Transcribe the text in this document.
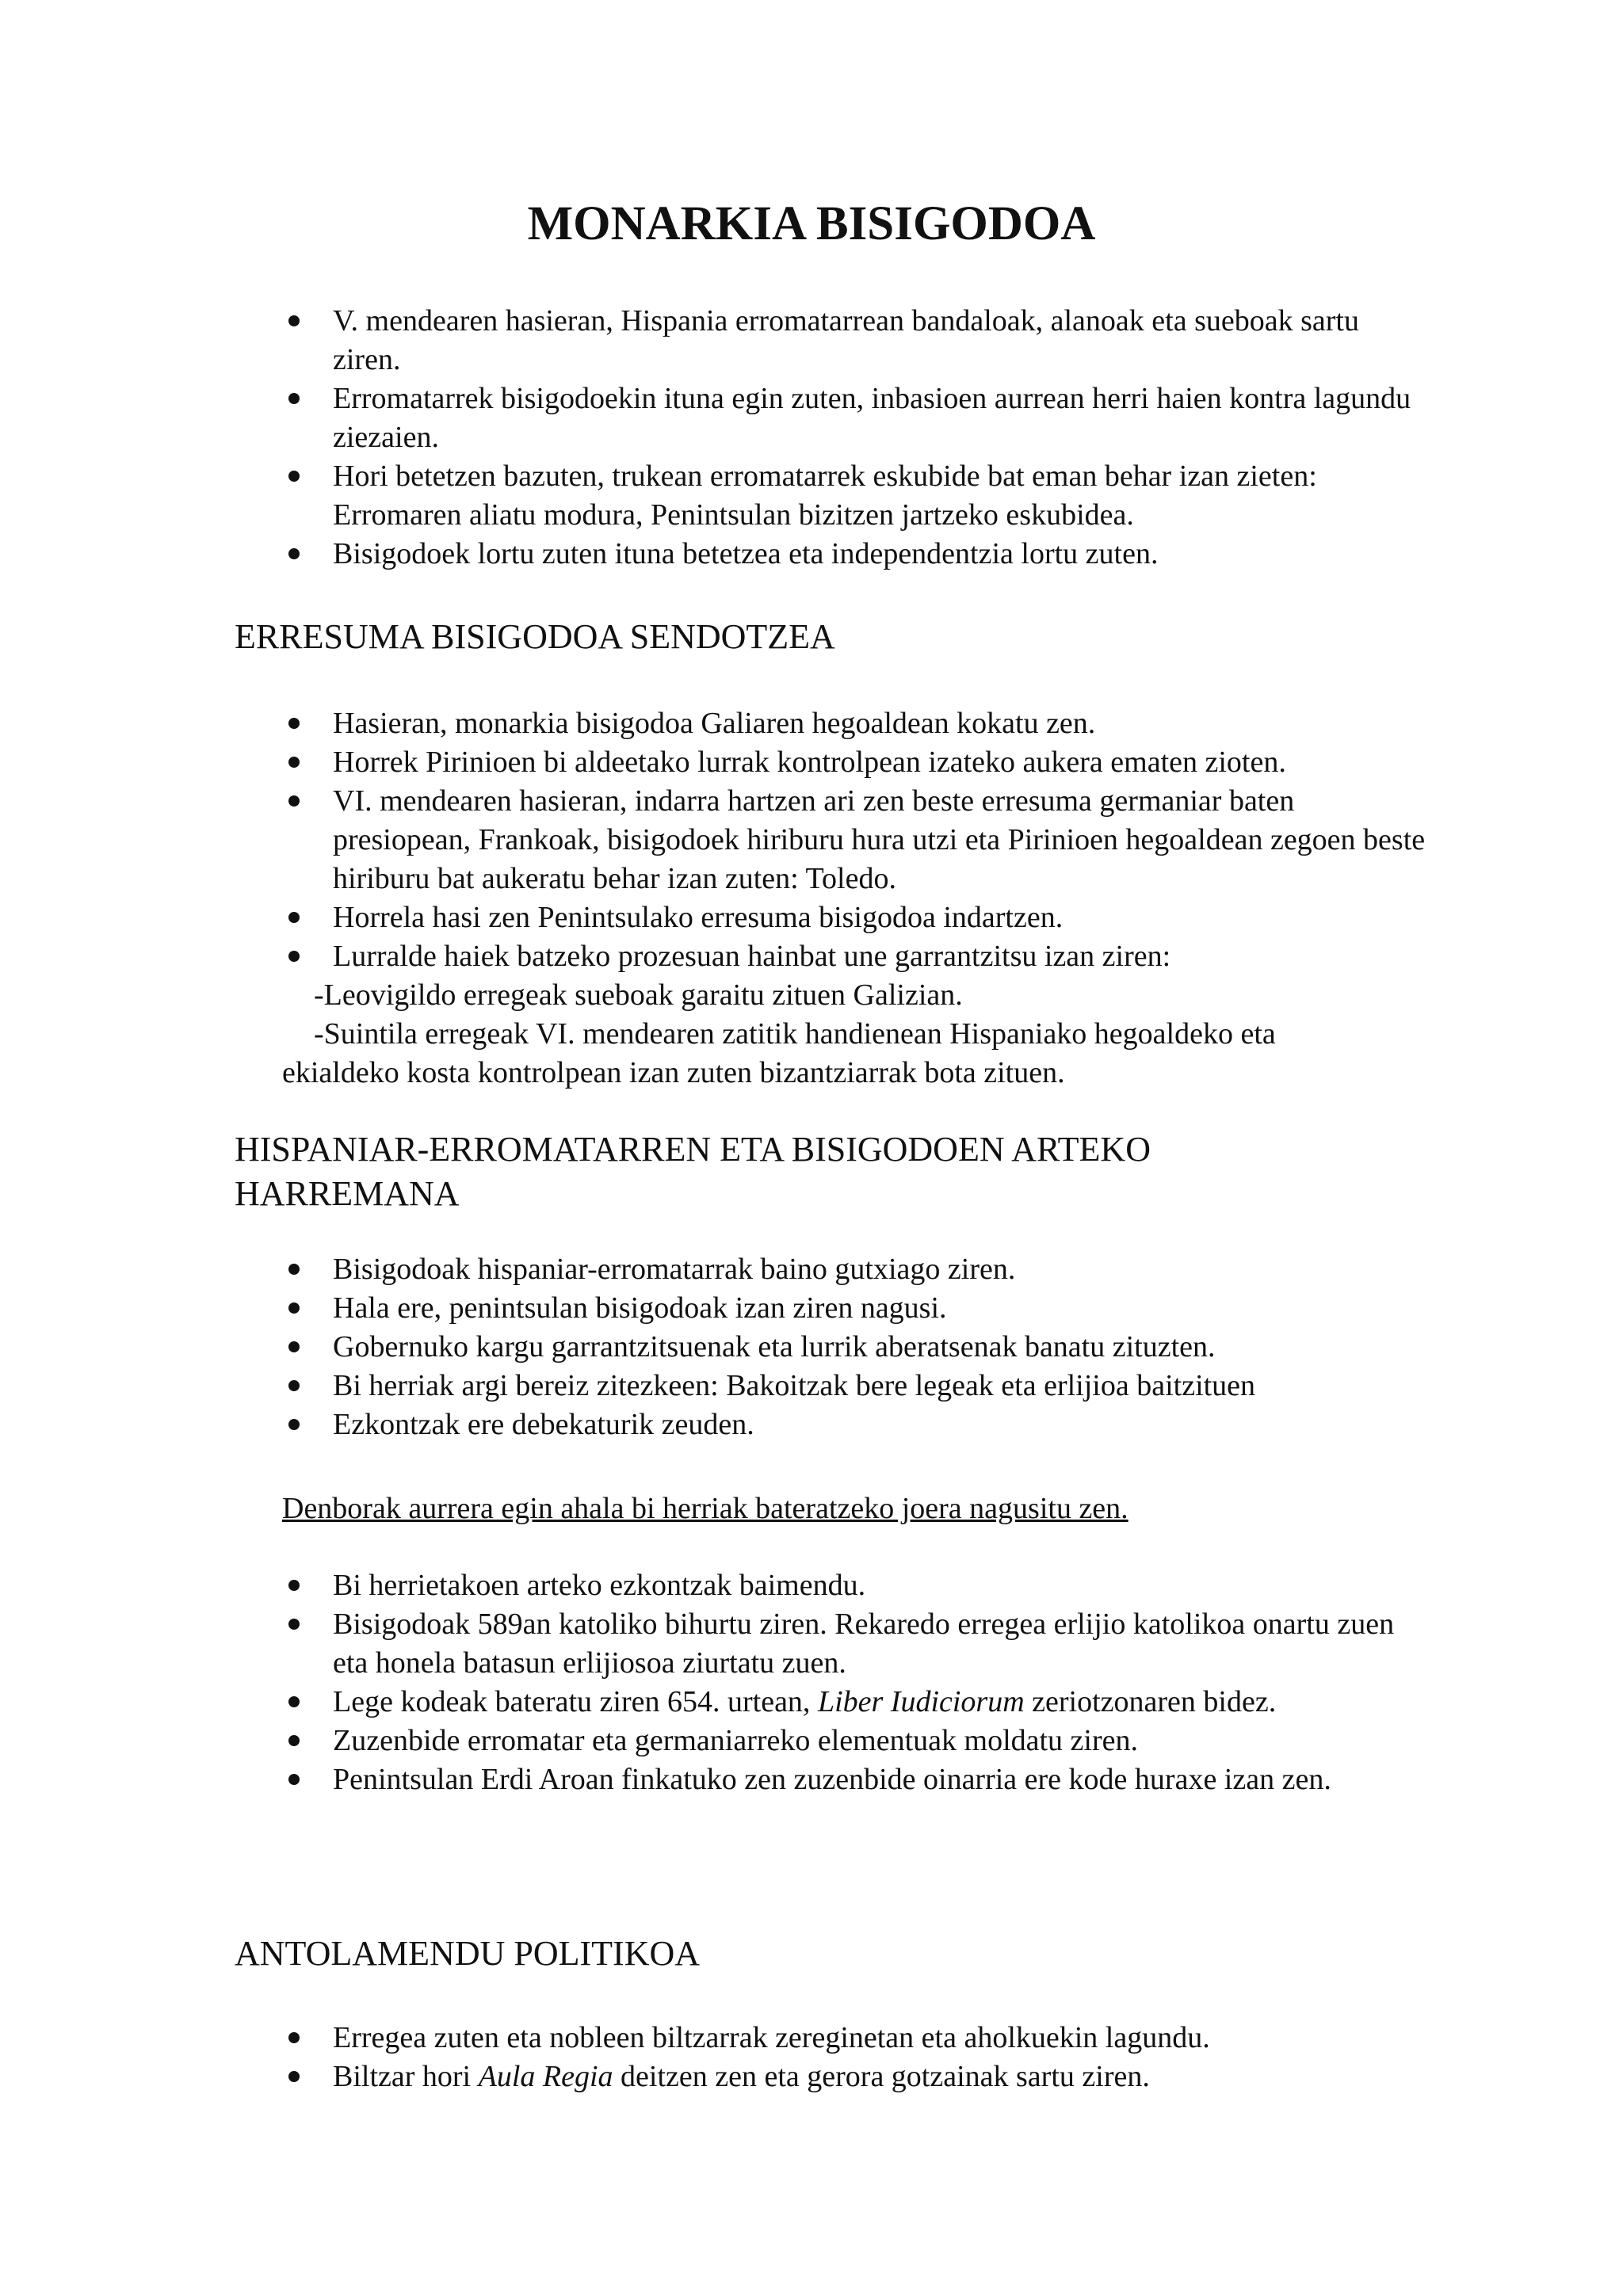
MONARKIA BISIGODOA
V. mendearen hasieran, Hispania erromatarrean bandaloak, alanoak eta sueboak sartu ziren.
Erromatarrek bisigodoekin ituna egin zuten, inbasioen aurrean herri haien kontra lagundu ziezaien.
Hori betetzen bazuten, trukean erromatarrek eskubide bat eman behar izan zieten: Erromaren aliatu modura, Penintsulan bizitzen jartzeko eskubidea.
Bisigodoek lortu zuten ituna betetzea eta independentzia lortu zuten.
ERRESUMA BISIGODOA SENDOTZEA
Hasieran, monarkia bisigodoa Galiaren hegoaldean kokatu zen.
Horrek Pirinioen bi aldeetako lurrak kontrolpean izateko aukera ematen zioten.
VI. mendearen hasieran, indarra hartzen ari zen beste erresuma germaniar baten presiopean, Frankoak, bisigodoek hiriburu hura utzi eta Pirinioen hegoaldean zegoen beste hiriburu bat aukeratu behar izan zuten: Toledo.
Horrela hasi zen Penintsulako erresuma bisigodoa indartzen.
Lurralde haiek batzeko prozesuan hainbat une garrantzitsu izan ziren:

-Leovigildo erregeak sueboak garaitu zituen Galizian.

-Suintila erregeak VI. mendearen zatitik handienean Hispaniako hegoaldeko eta

ekialdeko kosta kontrolpean izan zuten bizantziarrak bota zituen.

HISPANIAR-ERROMATARREN ETA BISIGODOEN ARTEKO
HARREMANA
Bisigodoak hispaniar-erromatarrak baino gutxiago ziren.
Hala ere, penintsulan bisigodoak izan ziren nagusi.
Gobernuko kargu garrantzitsuenak eta lurrik aberatsenak banatu zituzten.
Bi herriak argi bereiz zitezkeen: Bakoitzak bere legeak eta erlijioa baitzituen
Ezkontzak ere debekaturik zeuden.

Denborak aurrera egin ahala bi herriak bateratzeko joera nagusitu zen.

Bi herrietakoen arteko ezkontzak baimendu.
Bisigodoak 589an katoliko bihurtu ziren. Rekaredo erregea erlijio katolikoa onartu zuen eta honela batasun erlijiosoa ziurtatu zuen.
Lege kodeak bateratu ziren 654. urtean, Liber Iudiciorum zeriotzonaren bidez.
Zuzenbide erromatar eta germaniarreko elementuak moldatu ziren.
Penintsulan Erdi Aroan finkatuko zen zuzenbide oinarria ere kode huraxe izan zen.
ANTOLAMENDU POLITIKOA
Erregea zuten eta nobleen biltzarrak zereginetan eta aholkuekin lagundu.
Biltzar hori Aula Regia deitzen zen eta gerora gotzainak sartu ziren.
